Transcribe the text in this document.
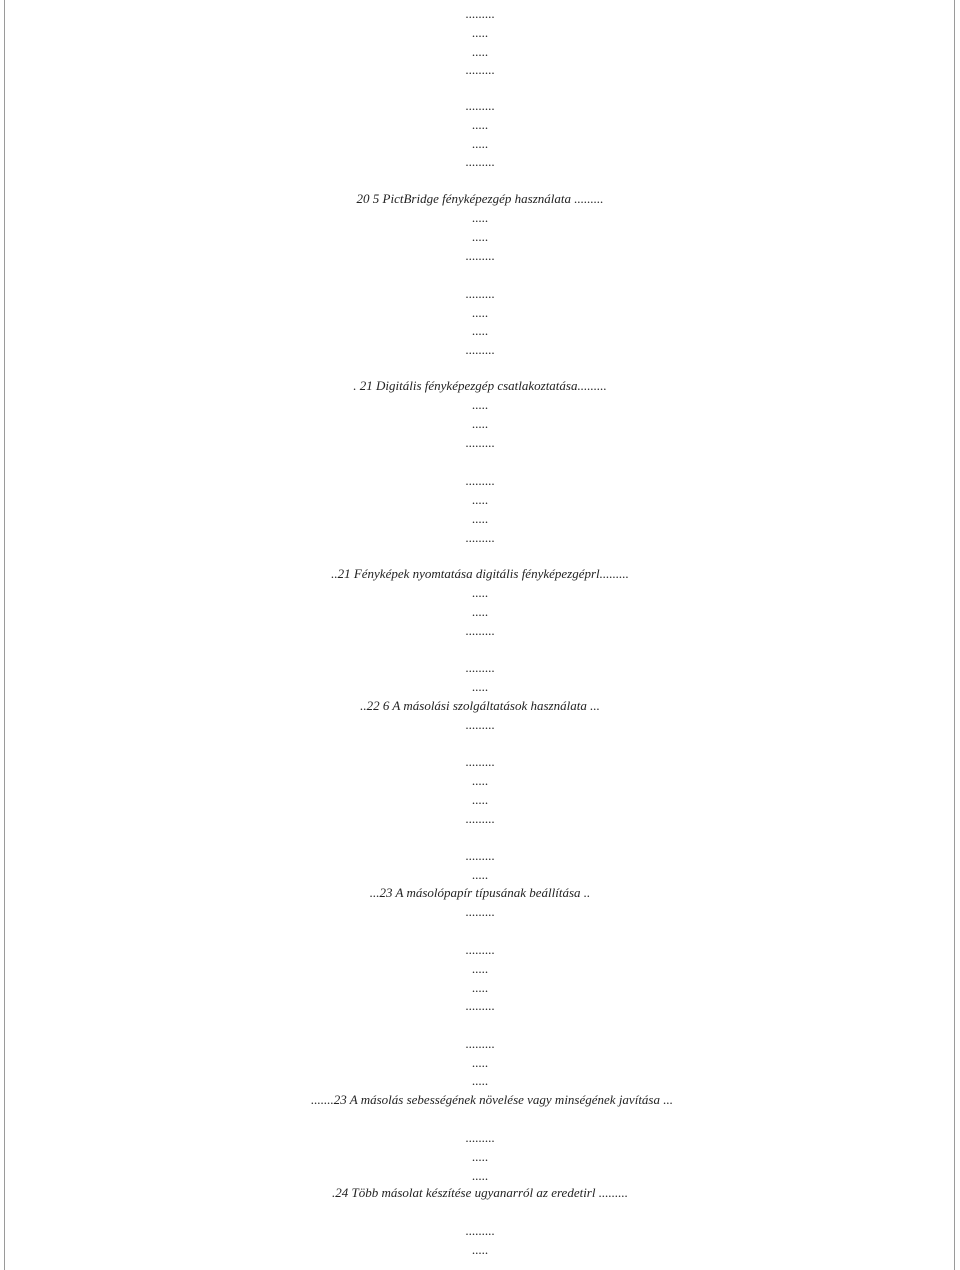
.........

.....

.....

.........

.........

.....

.....

.........

20 5 PictBridge fényképezgép használata .........

.....

.....

.........

.........

.....

.....

.........

. 21 Digitális fényképezgép csatlakoztatása.........

.....

.....

.........

.........

.....

.....

.........

..21 Fényképek nyomtatása digitális fényképezgéprl.........

.....

.....

.........

.........

.....

..22 6 A másolási szolgáltatások használata ...

.........

.........

.....

.....

.........

.........

.....

...23 A másolópapír típusának beállítása ..

.........

.........

.....

.....

.........

.........

.....

.....

.......23 A másolás sebességének növelése vagy minségének javítása ...

.........

.....

.....

.24 Több másolat készítése ugyanarról az eredetirl .........

.........

.....
